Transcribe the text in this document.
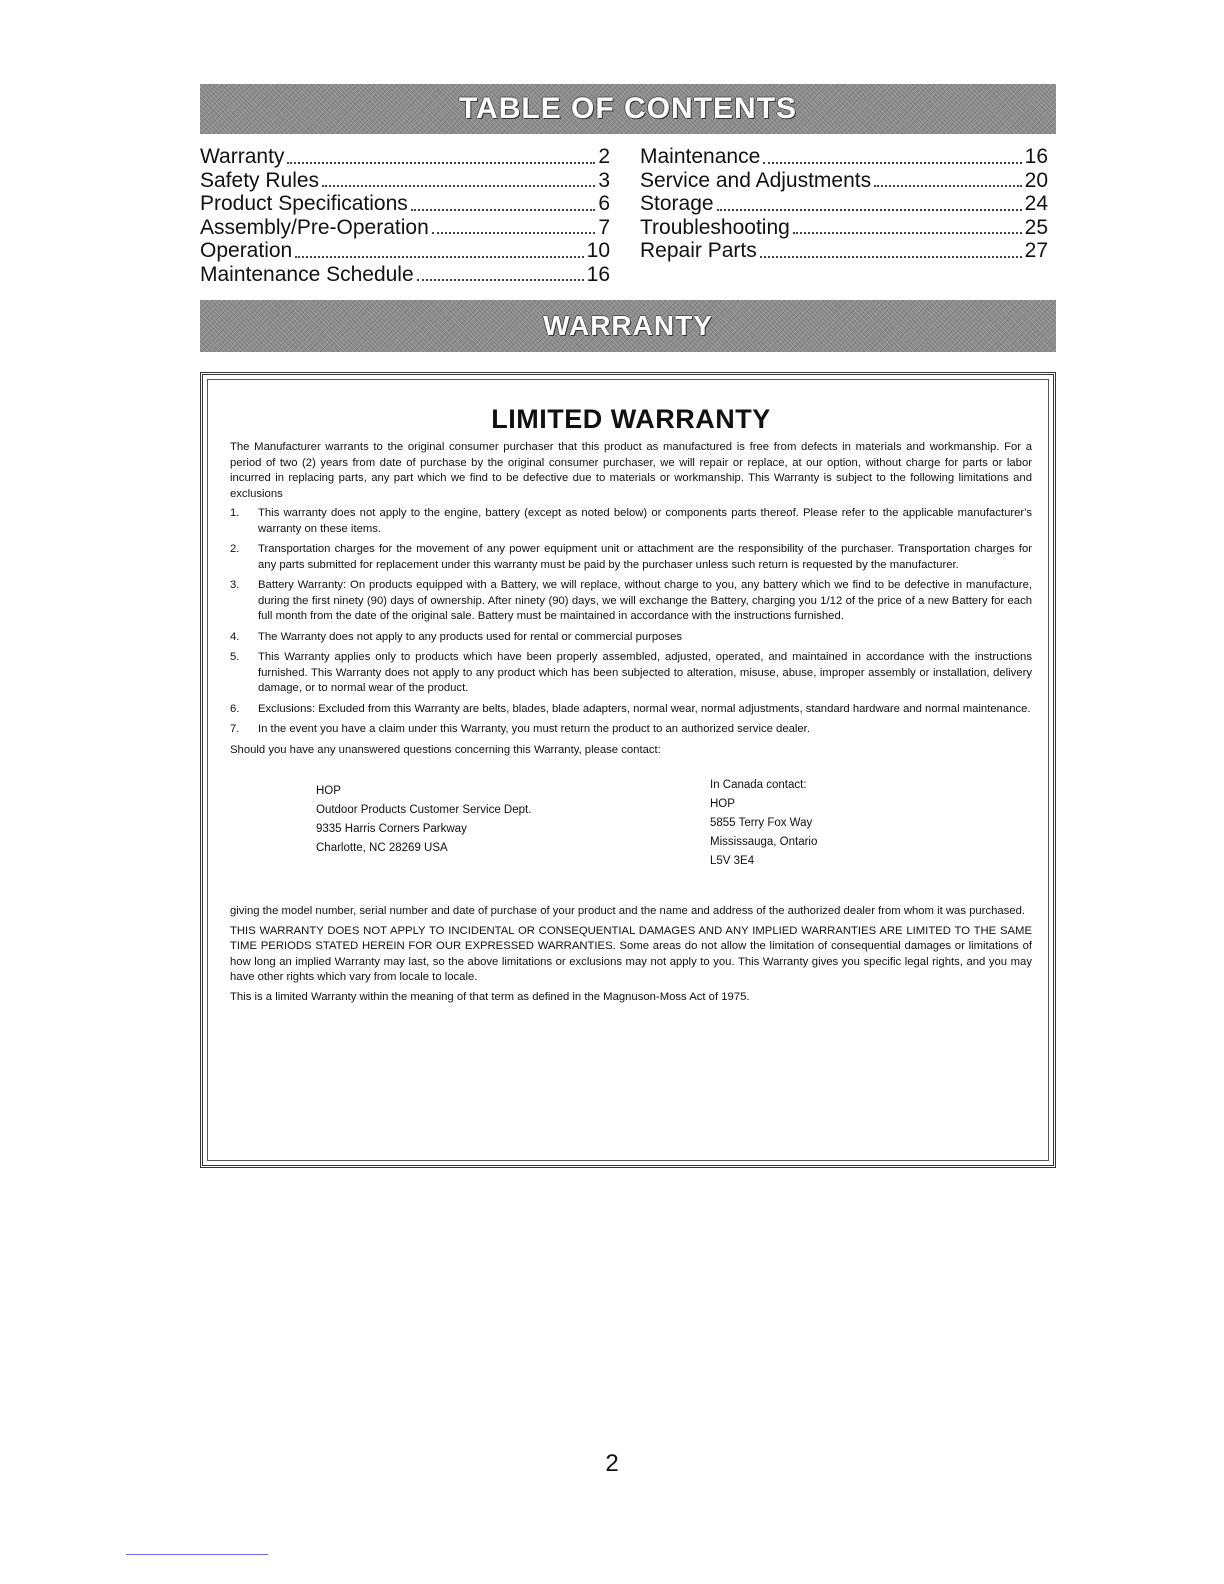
TABLE OF CONTENTS
Warranty	2
Safety Rules	3
Product Specifications	6
Assembly/Pre-Operation	7
Operation	10
Maintenance Schedule	16
Maintenance	16
Service and Adjustments	20
Storage	24
Troubleshooting	25
Repair Parts	27
WARRANTY
LIMITED WARRANTY

The Manufacturer warrants to the original consumer purchaser that this product as manufactured is free from defects in materials and workmanship. For a period of two (2) years from date of purchase by the original consumer purchaser, we will repair or replace, at our option, without charge for parts or labor incurred in replacing parts, any part which we find to be defective due to materials or workmanship. This Warranty is subject to the following limitations and exclusions

1.	This warranty does not apply to the engine, battery (except as noted below) or components parts thereof. Please refer to the applicable manufacturer's warranty on these items.
2.	Transportation charges for the movement of any power equipment unit or attachment are the responsibility of the purchaser. Transportation charges for any parts submitted for replacement under this warranty must be paid by the purchaser unless such return is requested by the manufacturer.
3.	Battery Warranty: On products equipped with a Battery, we will replace, without charge to you, any battery which we find to be defective in manufacture, during the first ninety (90) days of ownership. After ninety (90) days, we will exchange the Battery, charging you 1/12 of the price of a new Battery for each full month from the date of the original sale. Battery must be maintained in accordance with the instructions furnished.
4.	The Warranty does not apply to any products used for rental or commercial purposes
5.	This Warranty applies only to products which have been properly assembled, adjusted, operated, and maintained in accordance with the instructions furnished. This Warranty does not apply to any product which has been subjected to alteration, misuse, abuse, improper assembly or installation, delivery damage, or to normal wear of the product.
6.	Exclusions: Excluded from this Warranty are belts, blades, blade adapters, normal wear, normal adjustments, standard hardware and normal maintenance.
7.	In the event you have a claim under this Warranty, you must return the product to an authorized service dealer.

Should you have any unanswered questions concerning this Warranty, please contact:

HOP
Outdoor Products Customer Service Dept.
9335 Harris Corners Parkway
Charlotte, NC 28269 USA
In Canada contact:
HOP
5855 Terry Fox Way
Mississauga, Ontario
L5V 3E4

giving the model number, serial number and date of purchase of your product and the name and address of the authorized dealer from whom it was purchased.

THIS WARRANTY DOES NOT APPLY TO INCIDENTAL OR CONSEQUENTIAL DAMAGES AND ANY IMPLIED WARRANTIES ARE LIMITED TO THE SAME TIME PERIODS STATED HEREIN FOR OUR EXPRESSED WARRANTIES. Some areas do not allow the limitation of consequential damages or limitations of how long an implied Warranty may last, so the above limitations or exclusions may not apply to you. This Warranty gives you specific legal rights, and you may have other rights which vary from locale to locale.

This is a limited Warranty within the meaning of that term as defined in the Magnuson-Moss Act of 1975.

2
